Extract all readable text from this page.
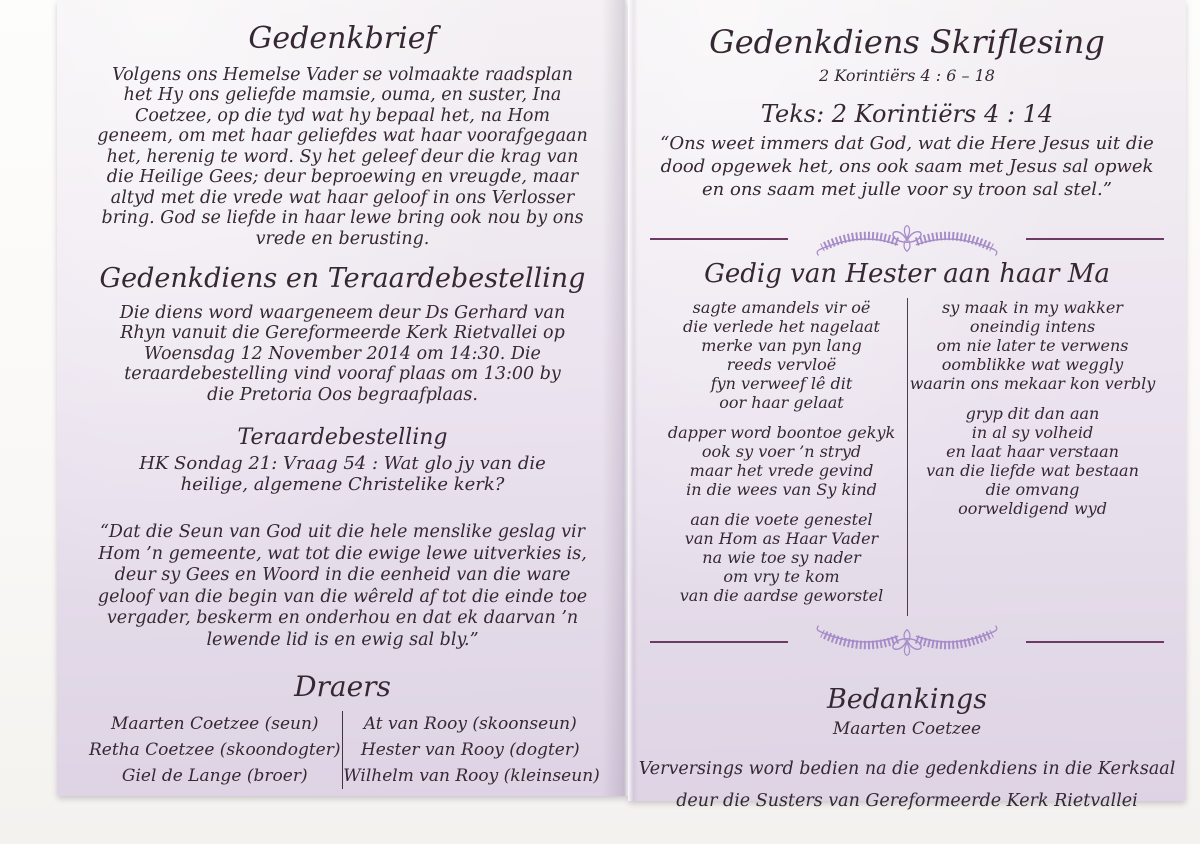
Gedenkbrief

Volgens ons Hemelse Vader se volmaakte raadsplan het Hy ons geliefde mamsie, ouma, en suster, Ina Coetzee, op die tyd wat hy bepaal het, na Hom geneem, om met haar geliefdes wat haar voorafgegaan het, herenig te word. Sy het geleef deur die krag van die Heilige Gees; deur beproewing en vreugde, maar altyd met die vrede wat haar geloof in ons Verlosser bring. God se liefde in haar lewe bring ook nou by ons vrede en berusting.

Gedenkdiens en Teraardebestelling

Die diens word waargeneem deur Ds Gerhard van Rhyn vanuit die Gereformeerde Kerk Rietvallei op Woensdag 12 November 2014 om 14:30. Die teraardebestelling vind vooraf plaas om 13:00 by die Pretoria Oos begraafplaas.

Teraardebestelling

HK Sondag 21: Vraag 54 : Wat glo jy van die heilige, algemene Christelike kerk?

“Dat die Seun van God uit die hele menslike geslag vir Hom ’n gemeente, wat tot die ewige lewe uitverkies is, deur sy Gees en Woord in die eenheid van die ware geloof van die begin van die wêreld af tot die einde toe vergader, beskerm en onderhou en dat ek daarvan ’n lewende lid is en ewig sal bly.”

Draers
Maarten Coetzee (seun)
Retha Coetzee (skoondogter)
Giel de Lange (broer)
At van Rooy (skoonseun)
Hester van Rooy (dogter)
Wilhelm van Rooy (kleinseun)
Gedenkdiens Skriflesing
2 Korintiërs 4 : 6 – 18
Teks: 2 Korintiërs 4 : 14

“Ons weet immers dat God, wat die Here Jesus uit die dood opgewek het, ons ook saam met Jesus sal opwek en ons saam met julle voor sy troon sal stel.”

Gedig van Hester aan haar Ma
sagte amandels vir oë
die verlede het nagelaat
merke van pyn lang
reeds vervloë
fyn verweef lê dit
oor haar gelaat
dapper word boontoe gekyk
ook sy voer ’n stryd
maar het vrede gevind
in die wees van Sy kind
aan die voete genestel
van Hom as Haar Vader
na wie toe sy nader
om vry te kom
van die aardse geworstel
sy maak in my wakker
oneindig intens
om nie later te verwens
oomblikke wat weggly
waarin ons mekaar kon verbly
gryp dit dan aan
in al sy volheid
en laat haar verstaan
van die liefde wat bestaan
die omvang
oorweldigend wyd
Bedankings
Maarten Coetzee

Verversings word bedien na die gedenkdiens in die Kerksaal

deur die Susters van Gereformeerde Kerk Rietvallei
